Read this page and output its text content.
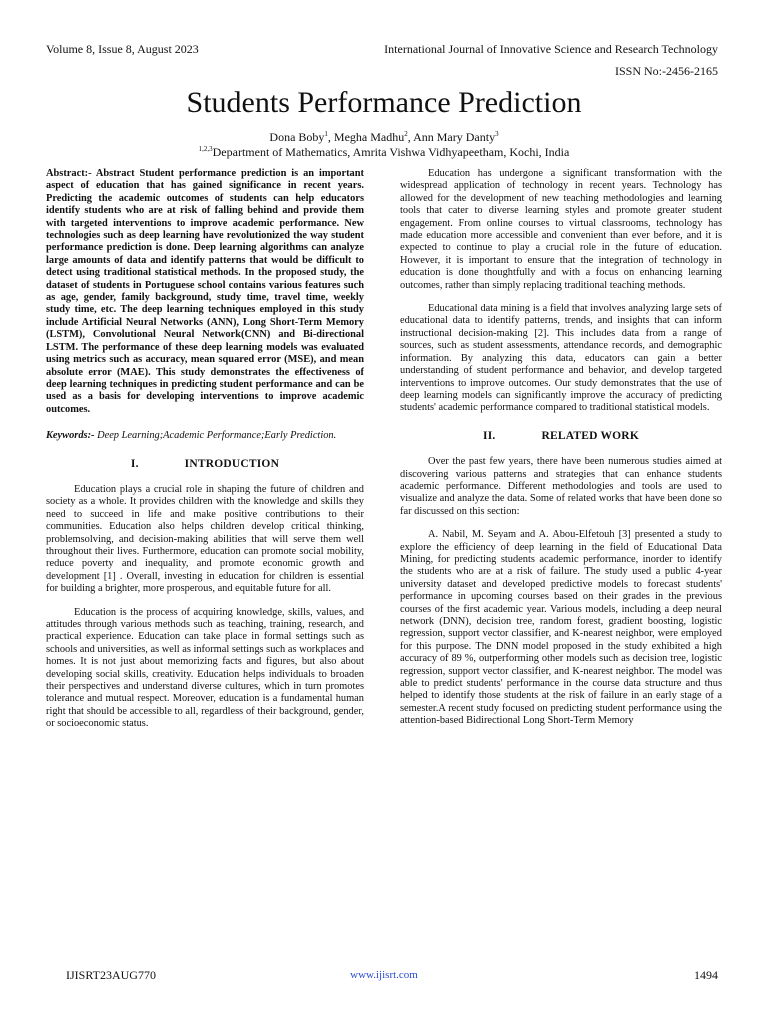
Volume 8, Issue 8, August 2023	International Journal of Innovative Science and Research Technology
ISSN No:-2456-2165
Students Performance Prediction
Dona Boby$^1$, Megha Madhu$^2$, Ann Mary Danty$^3$
$^{1,2,3}$Department of Mathematics, Amrita Vishwa Vidhyapeetham, Kochi, India

Abstract:- Abstract Student performance prediction is an important aspect of education that has gained significance in recent years. Predicting the academic outcomes of students can help educators identify students who are at risk of falling behind and provide them with targeted interventions to improve academic performance. New technologies such as deep learning have revolutionized the way student performance prediction is done. Deep learning algorithms can analyze large amounts of data and identify patterns that would be difficult to detect using traditional statistical methods. In the proposed study, the dataset of students in Portuguese school contains various features such as age, gender, family background, study time, travel time, weekly study time, etc. The deep learning techniques employed in this study include Artificial Neural Networks (ANN), Long Short-Term Memory (LSTM), Convolutional Neural Network(CNN) and Bi-directional LSTM. The performance of these deep learning models was evaluated using metrics such as accuracy, mean squared error (MSE), and mean absolute error (MAE). This study demonstrates the effectiveness of deep learning techniques in predicting student performance and can be used as a basis for developing interventions to improve academic outcomes.

Keywords:- Deep Learning;Academic Performance;Early Prediction.

I.	INTRODUCTION

Education plays a crucial role in shaping the future of children and society as a whole. It provides children with the knowledge and skills they need to succeed in life and make positive contributions to their communities. Education also helps children develop critical thinking, problemsolving, and decision-making abilities that will serve them well throughout their lives. Furthermore, education can promote social mobility, reduce poverty and inequality, and promote economic growth and development [1] . Overall, investing in education for children is essential for building a brighter, more prosperous, and equitable future for all.

Education is the process of acquiring knowledge, skills, values, and attitudes through various methods such as teaching, training, research, and practical experience. Education can take place in formal settings such as schools and universities, as well as informal settings such as workplaces and homes. It is not just about memorizing facts and figures, but also about developing social skills, creativity. Education helps individuals to broaden their perspectives and understand diverse cultures, which in turn promotes tolerance and mutual respect. Moreover, education is a fundamental human right that should be accessible to all, regardless of their background, gender, or socioeconomic status.

Education has undergone a significant transformation with the widespread application of technology in recent years. Technology has allowed for the development of new teaching methodologies and learning tools that cater to diverse learning styles and promote greater student engagement. From online courses to virtual classrooms, technology has made education more accessible and convenient than ever before, and it is expected to continue to play a crucial role in the future of education. However, it is important to ensure that the integration of technology in education is done thoughtfully and with a focus on enhancing learning outcomes, rather than simply replacing traditional teaching methods.

Educational data mining is a field that involves analyzing large sets of educational data to identify patterns, trends, and insights that can inform instructional decision-making [2]. This includes data from a range of sources, such as student assessments, attendance records, and demographic information. By analyzing this data, educators can gain a better understanding of student performance and behavior, and develop targeted interventions to improve outcomes. Our study demonstrates that the use of deep learning models can significantly improve the accuracy of predicting students' academic performance compared to traditional statistical models.

II.	RELATED WORK

Over the past few years, there have been numerous studies aimed at discovering various patterns and strategies that can enhance students academic performance. Different methodologies and tools are used to visualize and analyze the data. Some of related works that have been done so far discussed on this section:

A. Nabil, M. Seyam and A. Abou-Elfetouh [3] presented a study to explore the efficiency of deep learning in the field of Educational Data Mining, for predicting students academic performance, inorder to identify the students who are at a risk of failure. The study used a public 4-year university dataset and developed predictive models to forecast students' performance in upcoming courses based on their grades in the previous courses of the first academic year. Various models, including a deep neural network (DNN), decision tree, random forest, gradient boosting, logistic regression, support vector classifier, and K-nearest neighbor, were employed for this purpose. The DNN model proposed in the study exhibited a high accuracy of 89 %, outperforming other models such as decision tree, logistic regression, support vector classifier, and K-nearest neighbor. The model was able to predict students' performance in the course data structure and thus helped to identify those students at the risk of failure in an early stage of a semester.A recent study focused on predicting student performance using the attention-based Bidirectional Long Short-Term Memory

IJISRT23AUG770	www.ijisrt.com	1494
